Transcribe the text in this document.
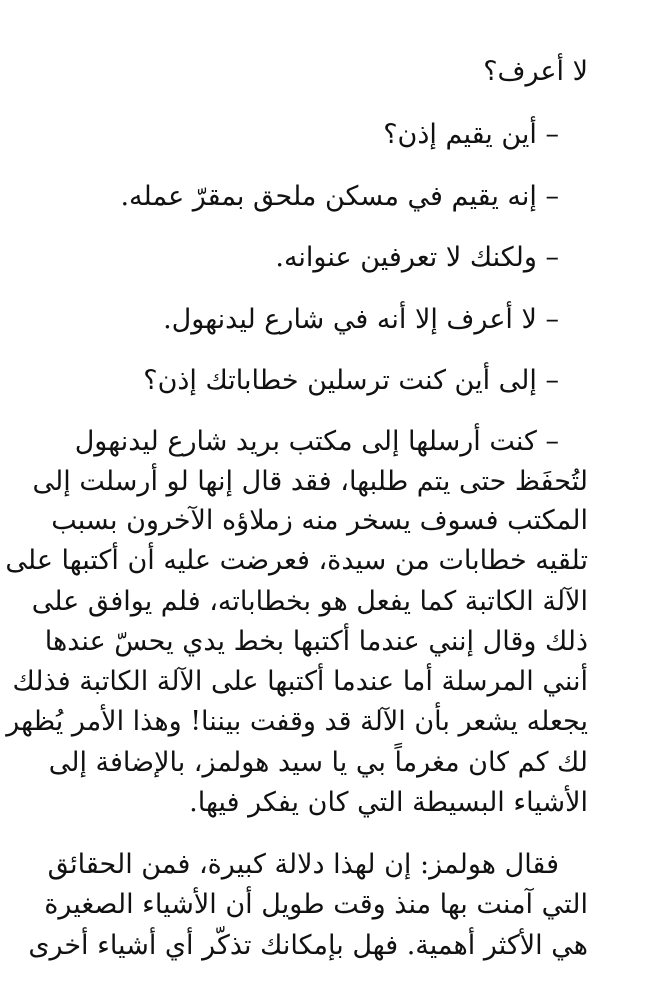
لا أعرف؟

– أين يقيم إذن؟

– إنه يقيم في مسكن ملحق بمقرّ عمله.

– ولكنك لا تعرفين عنوانه.

– لا أعرف إلا أنه في شارع ليدنهول.

– إلى أين كنت ترسلين خطاباتك إذن؟

– كنت أرسلها إلى مكتب بريد شارع ليدنهول

لتُحفَظ حتى يتم طلبها، فقد قال إنها لو أرسلت إلى

المكتب فسوف يسخر منه زملاؤه الآخرون بسبب

تلقيه خطابات من سيدة، فعرضت عليه أن أكتبها على

الآلة الكاتبة كما يفعل هو بخطاباته، فلم يوافق على

ذلك وقال إنني عندما أكتبها بخط يدي يحسّ عندها

أنني المرسلة أما عندما أكتبها على الآلة الكاتبة فذلك

يجعله يشعر بأن الآلة قد وقفت بيننا! وهذا الأمر يُظهر

لك كم كان مغرماً بي يا سيد هولمز، بالإضافة إلى

الأشياء البسيطة التي كان يفكر فيها.

فقال هولمز: إن لهذا دلالة كبيرة، فمن الحقائق

التي آمنت بها منذ وقت طويل أن الأشياء الصغيرة

هي الأكثر أهمية. فهل بإمكانك تذكّر أي أشياء أخرى
